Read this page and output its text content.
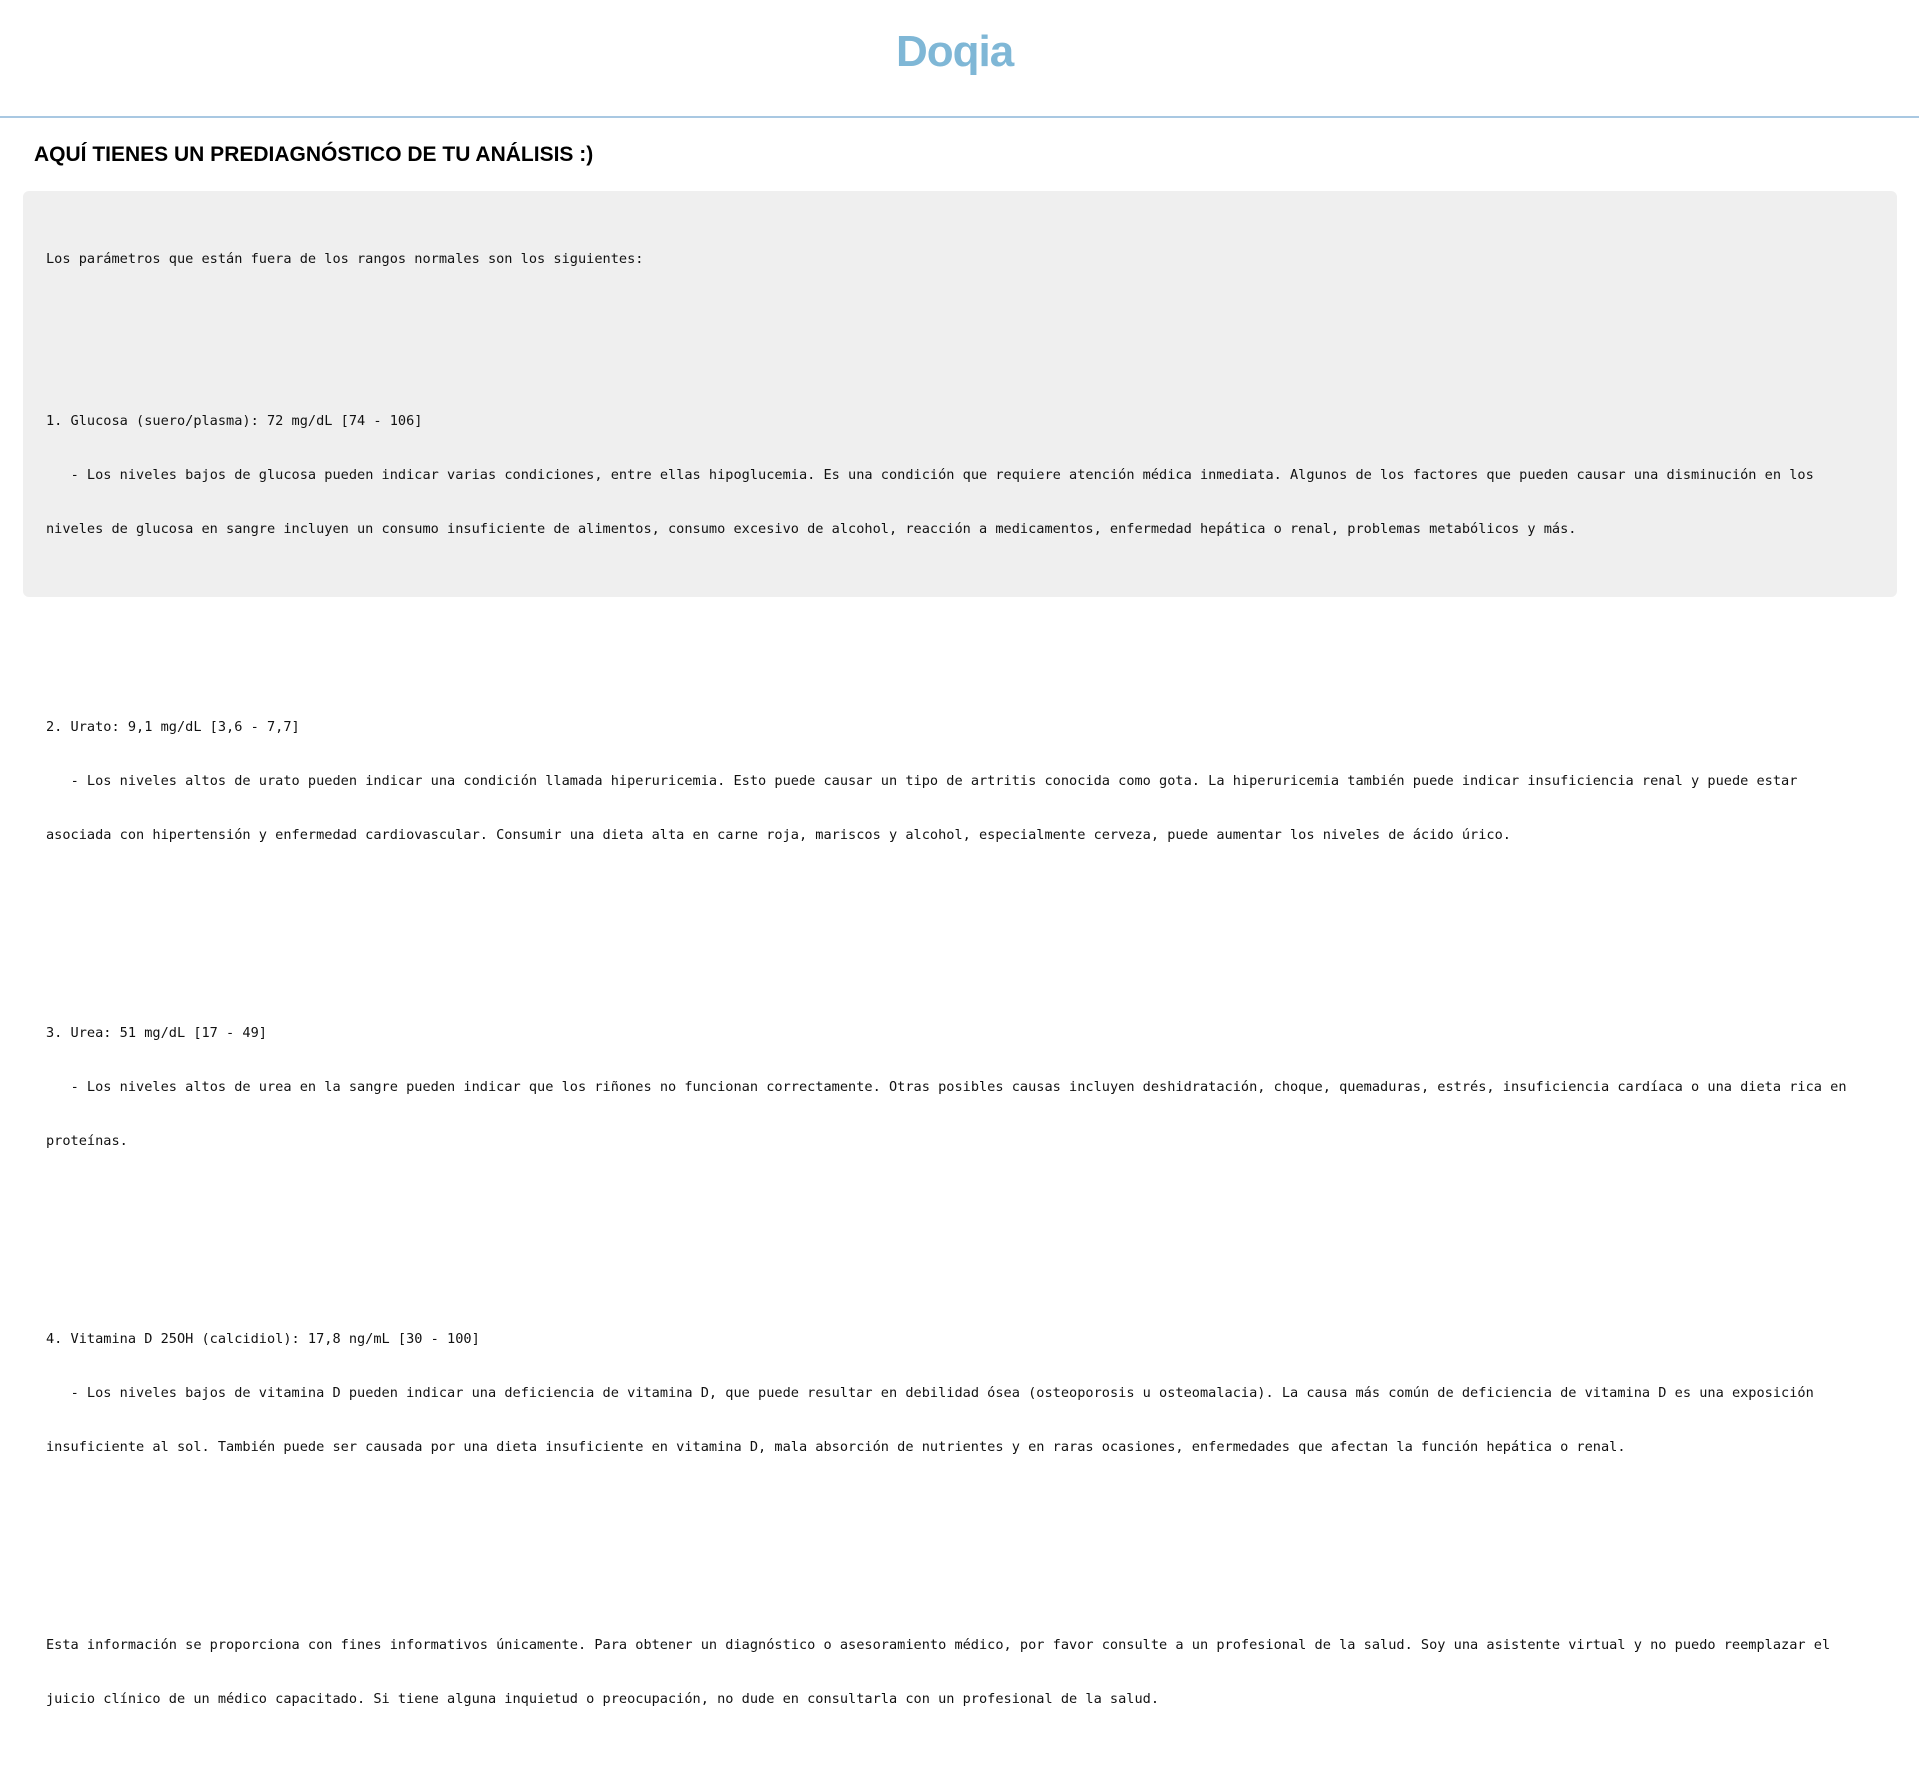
Doqia
AQUÍ TIENES UN PREDIAGNÓSTICO DE TU ANÁLISIS :)

Los parámetros que están fuera de los rangos normales son los siguientes:

1. Glucosa (suero/plasma): 72 mg/dL [74 - 106]

- Los niveles bajos de glucosa pueden indicar varias condiciones, entre ellas hipoglucemia. Es una condición que requiere atención médica inmediata. Algunos de los factores que pueden causar una disminución en los

niveles de glucosa en sangre incluyen un consumo insuficiente de alimentos, consumo excesivo de alcohol, reacción a medicamentos, enfermedad hepática o renal, problemas metabólicos y más.

2. Urato: 9,1 mg/dL [3,6 - 7,7]

- Los niveles altos de urato pueden indicar una condición llamada hiperuricemia. Esto puede causar un tipo de artritis conocida como gota. La hiperuricemia también puede indicar insuficiencia renal y puede estar

asociada con hipertensión y enfermedad cardiovascular. Consumir una dieta alta en carne roja, mariscos y alcohol, especialmente cerveza, puede aumentar los niveles de ácido úrico.

3. Urea: 51 mg/dL [17 - 49]

- Los niveles altos de urea en la sangre pueden indicar que los riñones no funcionan correctamente. Otras posibles causas incluyen deshidratación, choque, quemaduras, estrés, insuficiencia cardíaca o una dieta rica en

proteínas.

4. Vitamina D 25OH (calcidiol): 17,8 ng/mL [30 - 100]

- Los niveles bajos de vitamina D pueden indicar una deficiencia de vitamina D, que puede resultar en debilidad ósea (osteoporosis u osteomalacia). La causa más común de deficiencia de vitamina D es una exposición

insuficiente al sol. También puede ser causada por una dieta insuficiente en vitamina D, mala absorción de nutrientes y en raras ocasiones, enfermedades que afectan la función hepática o renal.

Esta información se proporciona con fines informativos únicamente. Para obtener un diagnóstico o asesoramiento médico, por favor consulte a un profesional de la salud. Soy una asistente virtual y no puedo reemplazar el

juicio clínico de un médico capacitado. Si tiene alguna inquietud o preocupación, no dude en consultarla con un profesional de la salud.
